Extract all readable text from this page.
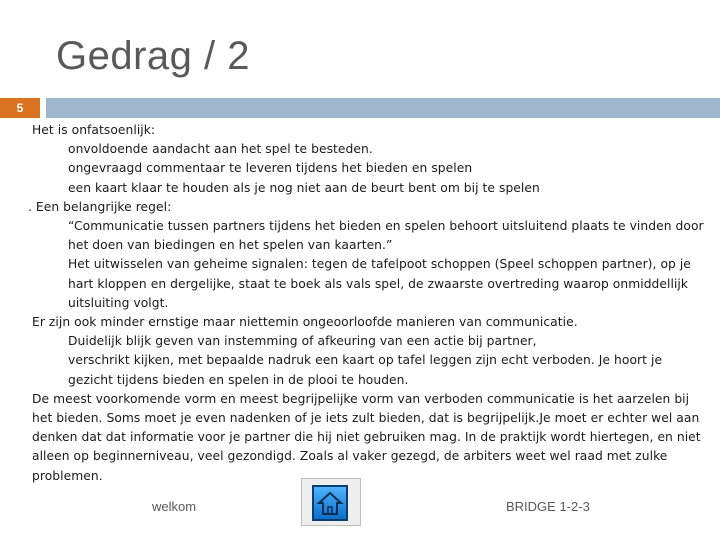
Gedrag / 2
5

Het is onfatsoenlijk:

onvoldoende aandacht aan het spel te besteden.

ongevraagd commentaar te leveren tijdens het bieden en spelen

een kaart klaar te houden als je nog niet aan de beurt bent om bij te spelen

. Een belangrijke regel:

“Communicatie tussen partners tijdens het bieden en spelen behoort uitsluitend plaats te vinden door het doen van biedingen en het spelen van kaarten.”

Het uitwisselen van geheime signalen: tegen de tafelpoot schoppen (Speel schoppen partner), op je hart kloppen en dergelijke, staat te boek als vals spel, de zwaarste overtreding waarop onmiddellijk uitsluiting volgt.

Er zijn ook minder ernstige maar niettemin ongeoorloofde manieren van communicatie.

Duidelijk blijk geven van instemming of afkeuring van een actie bij partner,

verschrikt kijken, met bepaalde nadruk een kaart op tafel leggen zijn echt verboden. Je hoort je gezicht tijdens bieden en spelen in de plooi te houden.

De meest voorkomende vorm en meest begrijpelijke vorm van verboden communicatie is het aarzelen bij het bieden. Soms moet je even nadenken of je iets zult bieden, dat is begrijpelijk.Je moet er echter wel aan denken dat dat informatie voor je partner die hij niet gebruiken mag. In de praktijk wordt hiertegen, en niet alleen op beginnerniveau, veel gezondigd. Zoals al vaker gezegd, de arbiters weet wel raad met zulke problemen.

welkom	BRIDGE 1-2-3
